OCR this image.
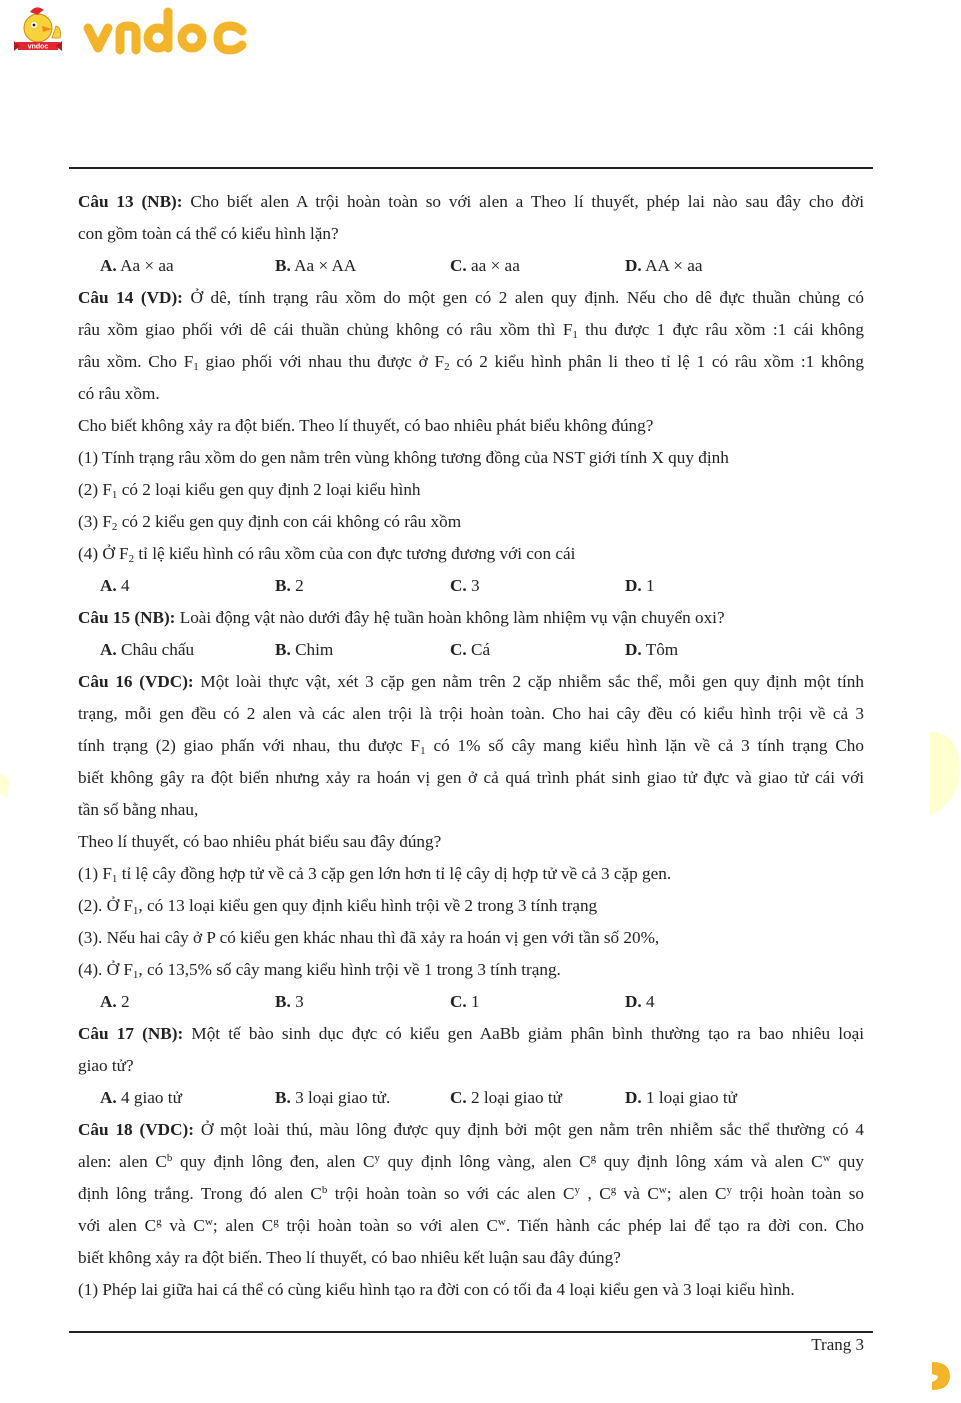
vndoc
Câu 13 (NB): Cho biết alen A trội hoàn toàn so với alen a Theo lí thuyết, phép lai nào sau đây cho đời
con gồm toàn cá thể có kiểu hình lặn?
A. Aa × aa	B. Aa × AA	C. aa × aa	D. AA × aa
Câu 14 (VD): Ở dê, tính trạng râu xồm do một gen có 2 alen quy định. Nếu cho dê đực thuần chủng có
râu xồm giao phối với dê cái thuần chủng không có râu xồm thì $F_1$ thu được 1 đực râu xồm :1 cái không
râu xồm. Cho $F_1$ giao phối với nhau thu được ở $F_2$ có 2 kiểu hình phân li theo tỉ lệ 1 có râu xồm :1 không
có râu xồm.
Cho biết không xảy ra đột biến. Theo lí thuyết, có bao nhiêu phát biểu không đúng?
(1) Tính trạng râu xồm do gen nằm trên vùng không tương đồng của NST giới tính X quy định
(2) $F_1$ có 2 loại kiểu gen quy định 2 loại kiểu hình
(3) $F_2$ có 2 kiểu gen quy định con cái không có râu xồm
(4) Ở $F_2$ tỉ lệ kiểu hình có râu xồm của con đực tương đương với con cái
A. 4	B. 2	C. 3	D. 1
Câu 15 (NB): Loài động vật nào dưới đây hệ tuần hoàn không làm nhiệm vụ vận chuyển oxi?
A. Châu chấu	B. Chim	C. Cá	D. Tôm
Câu 16 (VDC): Một loài thực vật, xét 3 cặp gen nằm trên 2 cặp nhiễm sắc thể, mỗi gen quy định một tính
trạng, mỗi gen đều có 2 alen và các alen trội là trội hoàn toàn. Cho hai cây đều có kiểu hình trội về cả 3
tính trạng (2) giao phấn với nhau, thu được $F_1$ có 1% số cây mang kiểu hình lặn về cả 3 tính trạng Cho
biết không gây ra đột biến nhưng xảy ra hoán vị gen ở cả quá trình phát sinh giao tử đực và giao tử cái với
tần số bằng nhau,
Theo lí thuyết, có bao nhiêu phát biểu sau đây đúng?
(1) $F_1$ tỉ lệ cây đồng hợp tử về cả 3 cặp gen lớn hơn tỉ lệ cây dị hợp tử về cả 3 cặp gen.
(2). Ở $F_1$, có 13 loại kiểu gen quy định kiểu hình trội về 2 trong 3 tính trạng
(3). Nếu hai cây ở P có kiểu gen khác nhau thì đã xảy ra hoán vị gen với tần số 20%,
(4). Ở $F_1$, có 13,5% số cây mang kiểu hình trội về 1 trong 3 tính trạng.
A. 2	B. 3	C. 1	D. 4
Câu 17 (NB): Một tế bào sinh dục đực có kiểu gen AaBb giảm phân bình thường tạo ra bao nhiêu loại
giao tử?
A. 4 giao tử	B. 3 loại giao tử.	C. 2 loại giao tử	D. 1 loại giao tử
Câu 18 (VDC): Ở một loài thú, màu lông được quy định bởi một gen nằm trên nhiễm sắc thể thường có 4
alen: alen $C^b$ quy định lông đen, alen $C^y$ quy định lông vàng, alen $C^g$ quy định lông xám và alen $C^w$ quy
định lông trắng. Trong đó alen $C^b$ trội hoàn toàn so với các alen $C^y$ , $C^g$ và $C^w$; alen $C^y$ trội hoàn toàn so
với alen $C^g$ và $C^w$; alen $C^g$ trội hoàn toàn so với alen $C^w$. Tiến hành các phép lai để tạo ra đời con. Cho
biết không xảy ra đột biến. Theo lí thuyết, có bao nhiêu kết luận sau đây đúng?
(1) Phép lai giữa hai cá thể có cùng kiểu hình tạo ra đời con có tối đa 4 loại kiểu gen và 3 loại kiểu hình.
Trang 3
